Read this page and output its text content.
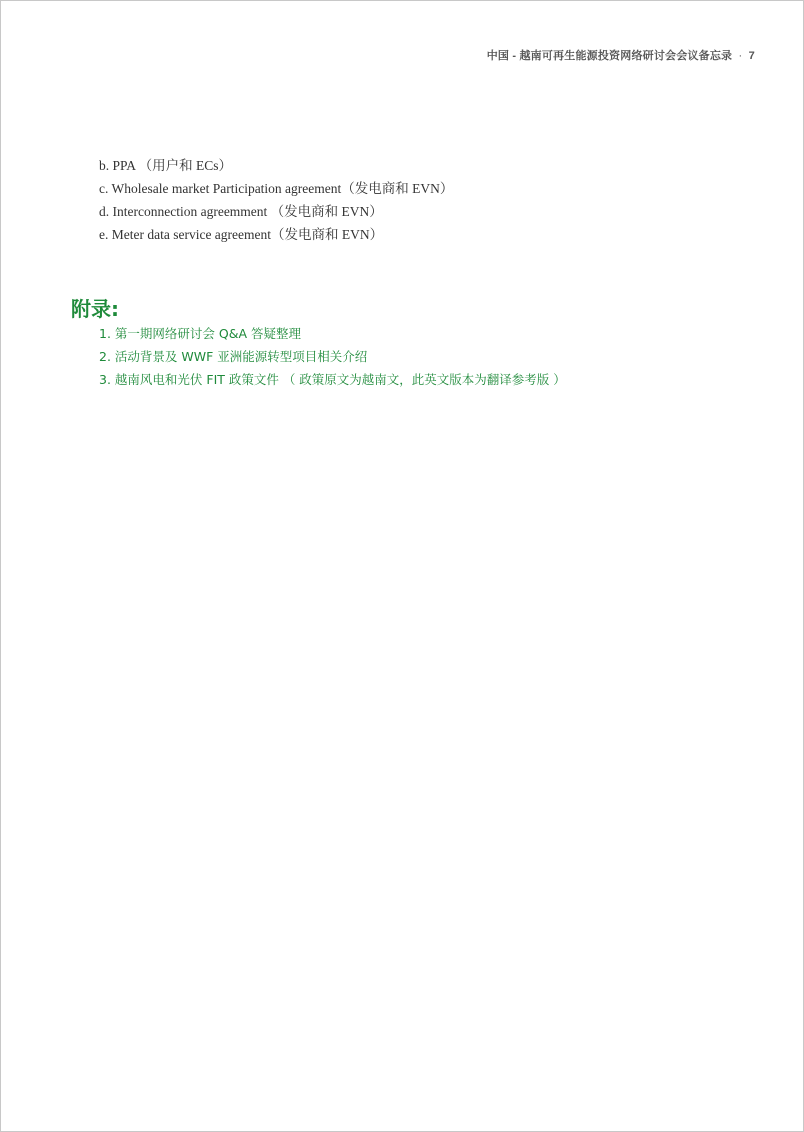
中国 - 越南可再生能源投资网络研讨会会议备忘录 · 7
b. PPA （用户和 ECs）
c. Wholesale market Participation agreement（发电商和 EVN）
d. Interconnection agreemment （发电商和 EVN）
e. Meter data service agreement（发电商和 EVN）
附录:
1. 第一期网络研讨会 Q&A 答疑整理
2. 活动背景及 WWF 亚洲能源转型项目相关介绍
3. 越南风电和光伏 FIT 政策文件 （ 政策原文为越南文，此英文版本为翻译参考版 ）
